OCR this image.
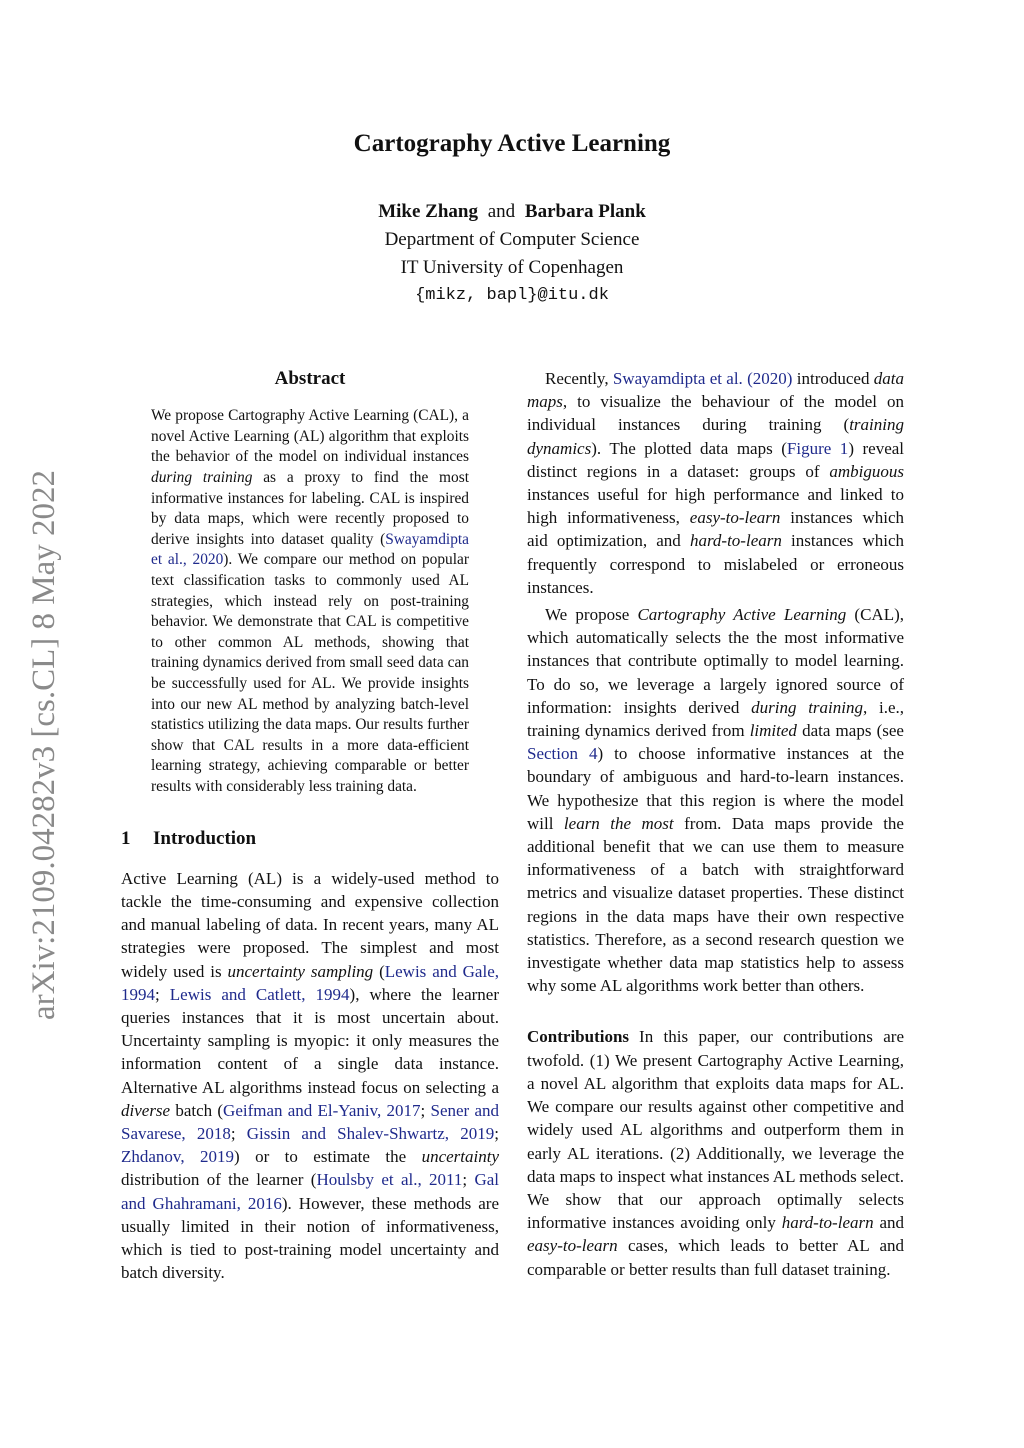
arXiv:2109.04282v3 [cs.CL] 8 May 2022
Cartography Active Learning
Mike Zhang and Barbara Plank
Department of Computer Science
IT University of Copenhagen
{mikz, bapl}@itu.dk
Abstract
We propose Cartography Active Learning (CAL), a novel Active Learning (AL) algorithm that exploits the behavior of the model on individual instances during training as a proxy to find the most informative instances for labeling. CAL is inspired by data maps, which were recently proposed to derive insights into dataset quality (Swayamdipta et al., 2020). We compare our method on popular text classification tasks to commonly used AL strategies, which instead rely on post-training behavior. We demonstrate that CAL is competitive to other common AL methods, showing that training dynamics derived from small seed data can be successfully used for AL. We provide insights into our new AL method by analyzing batch-level statistics utilizing the data maps. Our results further show that CAL results in a more data-efficient learning strategy, achieving comparable or better results with considerably less training data.
1 Introduction

Active Learning (AL) is a widely-used method to tackle the time-consuming and expensive collection and manual labeling of data. In recent years, many AL strategies were proposed. The simplest and most widely used is uncertainty sampling (Lewis and Gale, 1994; Lewis and Catlett, 1994), where the learner queries instances that it is most uncertain about. Uncertainty sampling is myopic: it only measures the information content of a single data instance. Alternative AL algorithms instead focus on selecting a diverse batch (Geifman and El-Yaniv, 2017; Sener and Savarese, 2018; Gissin and Shalev-Shwartz, 2019; Zhdanov, 2019) or to estimate the uncertainty distribution of the learner (Houlsby et al., 2011; Gal and Ghahramani, 2016). However, these methods are usually limited in their notion of informativeness, which is tied to post-training model uncertainty and batch diversity.

Recently, Swayamdipta et al. (2020) introduced data maps, to visualize the behaviour of the model on individual instances during training (training dynamics). The plotted data maps (Figure 1) reveal distinct regions in a dataset: groups of ambiguous instances useful for high performance and linked to high informativeness, easy-to-learn instances which aid optimization, and hard-to-learn instances which frequently correspond to mislabeled or erroneous instances.

We propose Cartography Active Learning (CAL), which automatically selects the the most informative instances that contribute optimally to model learning. To do so, we leverage a largely ignored source of information: insights derived during training, i.e., training dynamics derived from limited data maps (see Section 4) to choose informative instances at the boundary of ambiguous and hard-to-learn instances. We hypothesize that this region is where the model will learn the most from. Data maps provide the additional benefit that we can use them to measure informativeness of a batch with straightforward metrics and visualize dataset properties. These distinct regions in the data maps have their own respective statistics. Therefore, as a second research question we investigate whether data map statistics help to assess why some AL algorithms work better than others.

Contributions In this paper, our contributions are twofold. (1) We present Cartography Active Learning, a novel AL algorithm that exploits data maps for AL. We compare our results against other competitive and widely used AL algorithms and outperform them in early AL iterations. (2) Additionally, we leverage the data maps to inspect what instances AL methods select. We show that our approach optimally selects informative instances avoiding only hard-to-learn and easy-to-learn cases, which leads to better AL and comparable or better results than full dataset training.
